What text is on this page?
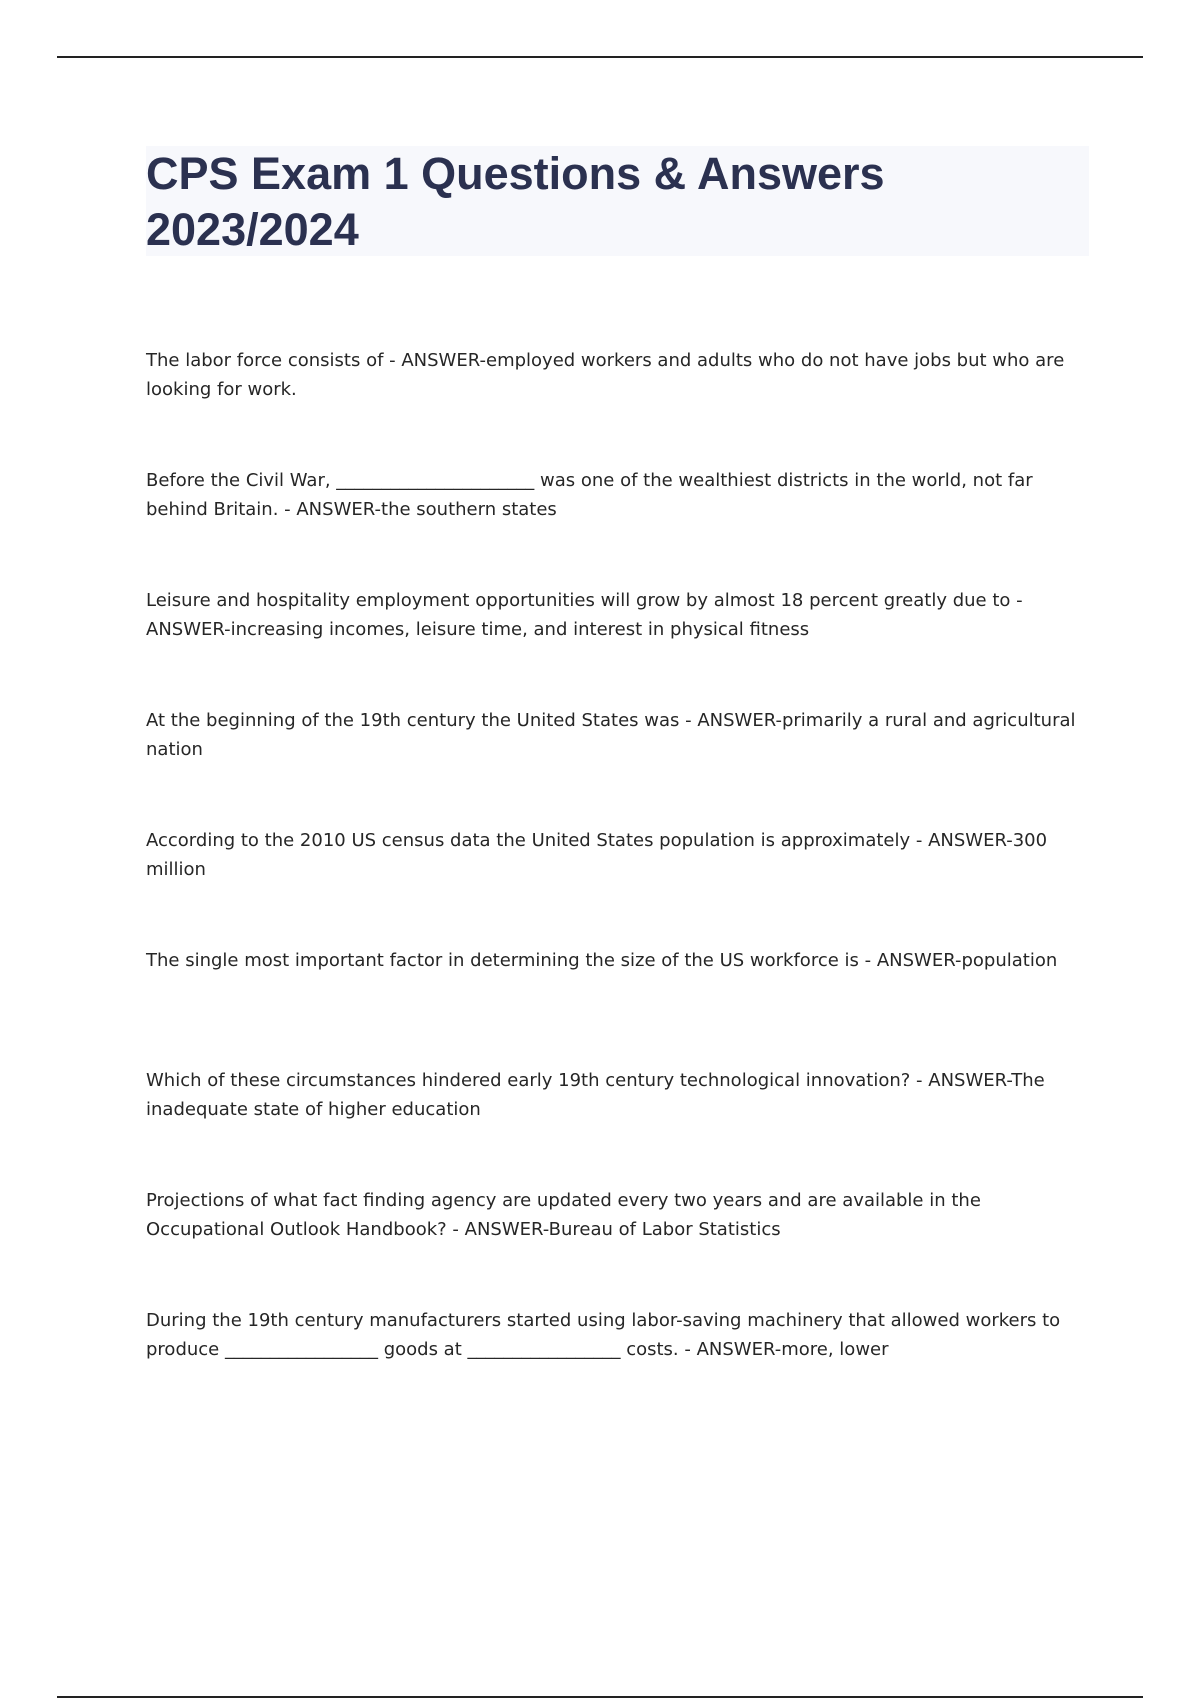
CPS Exam 1 Questions & Answers 2023/2024
The labor force consists of - ANSWER-employed workers and adults who do not have jobs but who are looking for work.
Before the Civil War, ______________________ was one of the wealthiest districts in the world, not far behind Britain. - ANSWER-the southern states
Leisure and hospitality employment opportunities will grow by almost 18 percent greatly due to - ANSWER-increasing incomes, leisure time, and interest in physical fitness
At the beginning of the 19th century the United States was - ANSWER-primarily a rural and agricultural nation
According to the 2010 US census data the United States population is approximately - ANSWER-300 million
The single most important factor in determining the size of the US workforce is - ANSWER-population
Which of these circumstances hindered early 19th century technological innovation? - ANSWER-The inadequate state of higher education
Projections of what fact finding agency are updated every two years and are available in the Occupational Outlook Handbook? - ANSWER-Bureau of Labor Statistics
During the 19th century manufacturers started using labor-saving machinery that allowed workers to produce _________________ goods at _________________ costs. - ANSWER-more, lower
